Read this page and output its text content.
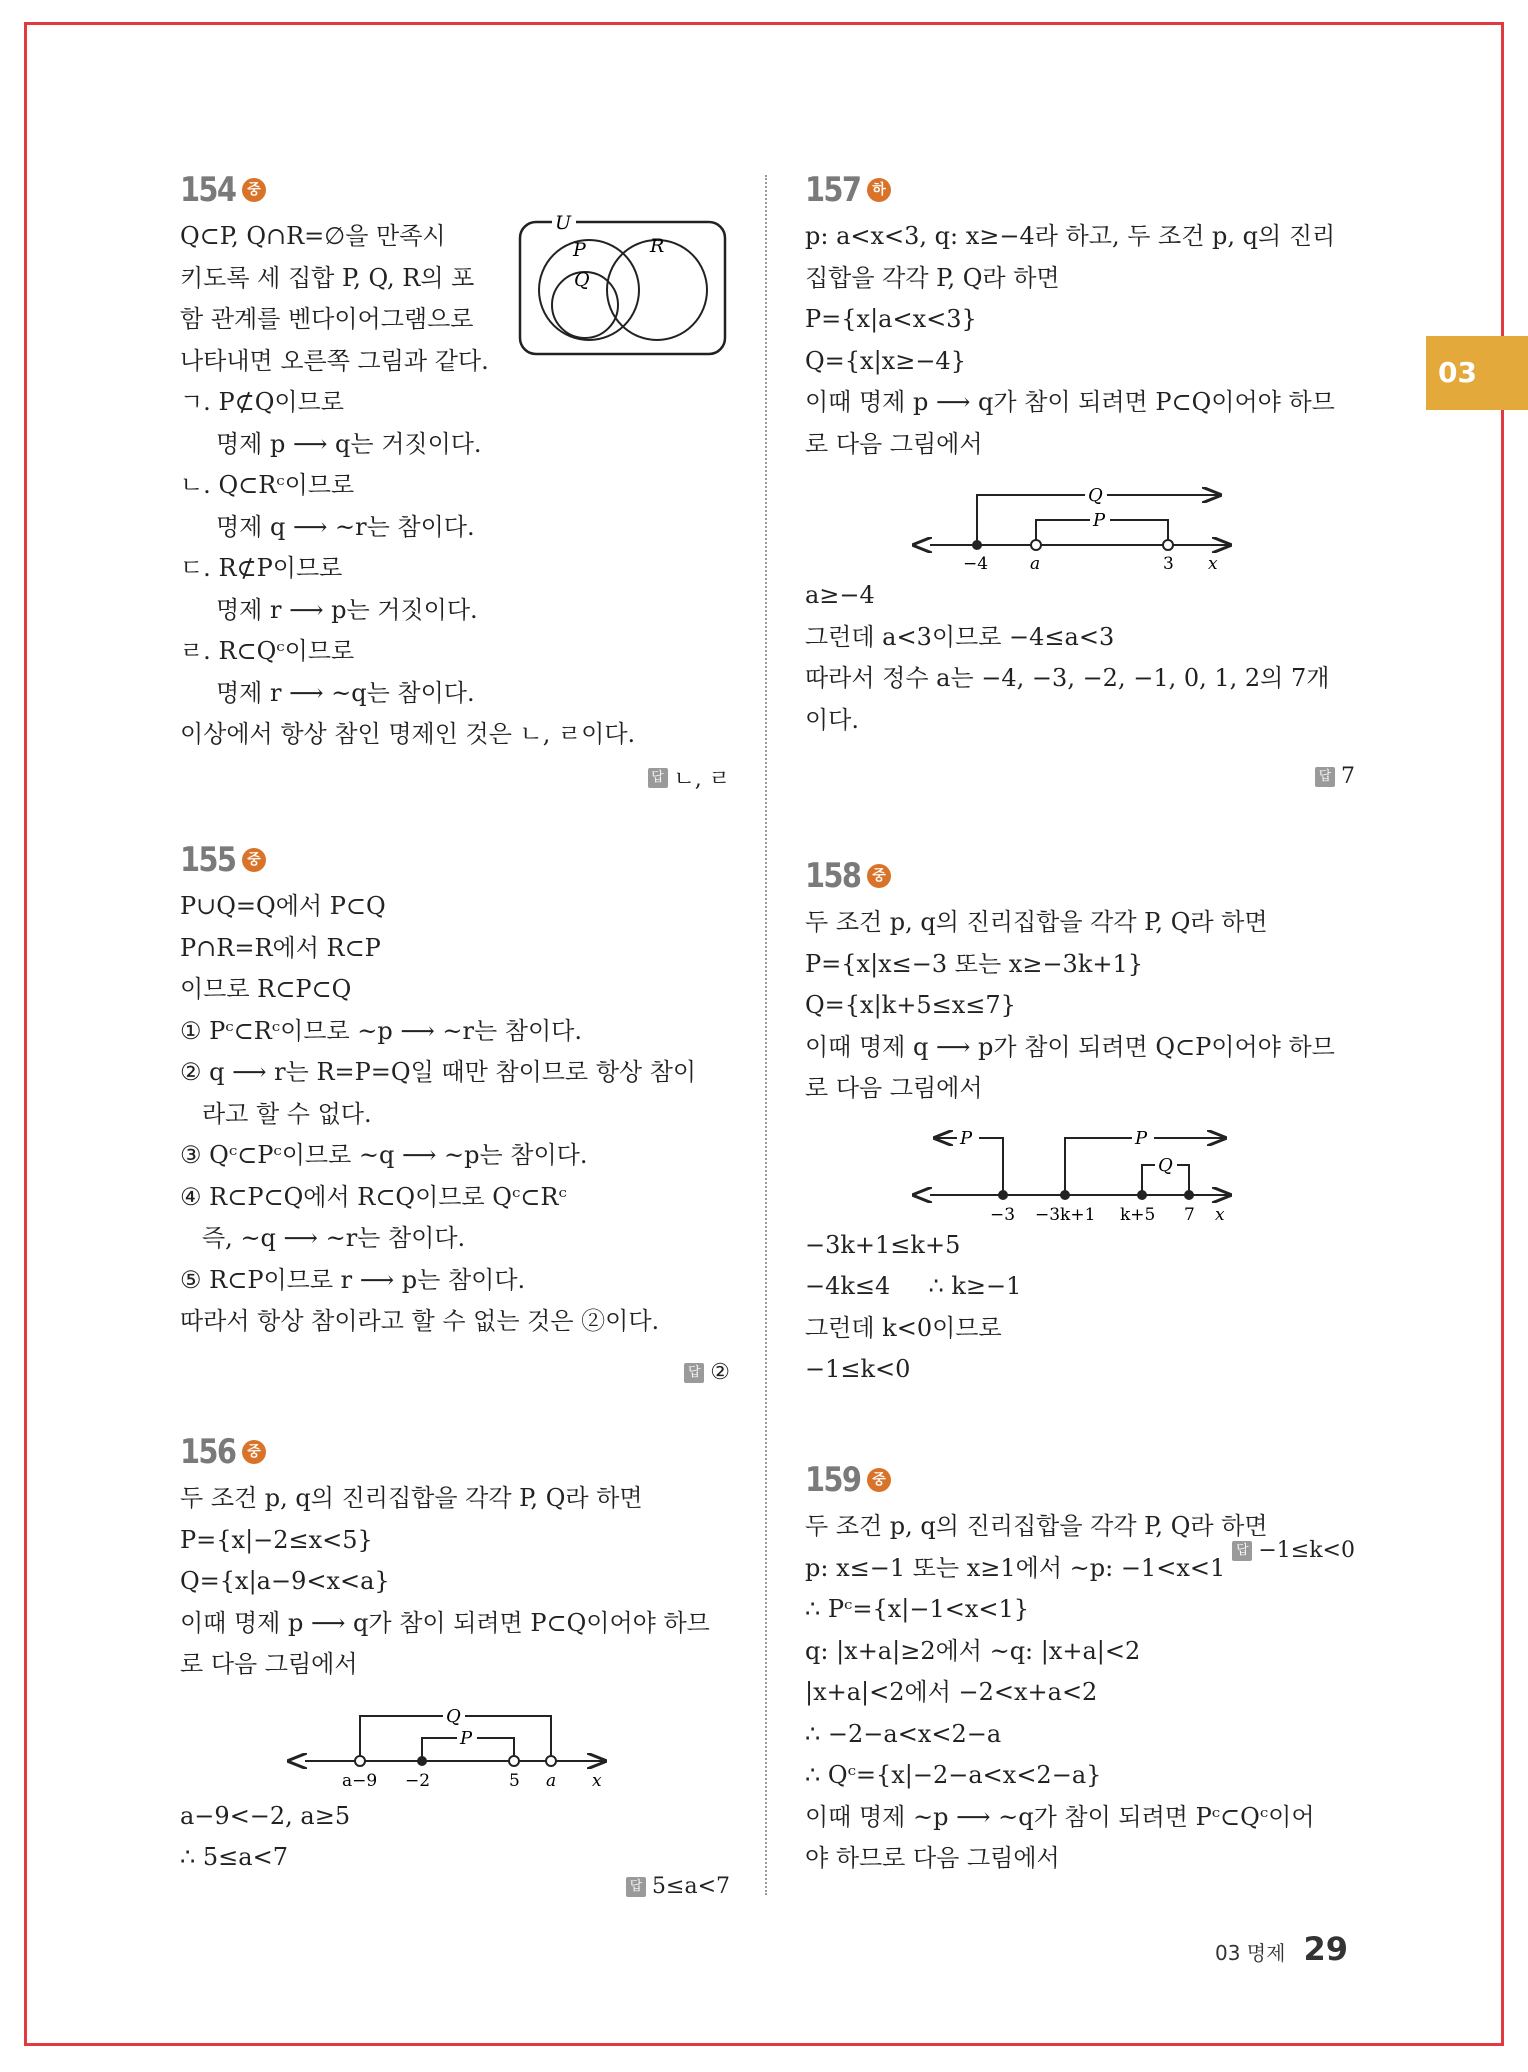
03
154 중
Q⊂P, Q∩R=∅을 만족시
키도록 세 집합 P, Q, R의 포
함 관계를 벤다이어그램으로
나타내면 오른쪽 그림과 같다.
U
P
Q
R
ㄱ. P⊄Q이므로
명제 p ⟶ q는 거짓이다.
ㄴ. Q⊂Rᶜ이므로
명제 q ⟶ ~r는 참이다.
ㄷ. R⊄P이므로
명제 r ⟶ p는 거짓이다.
ㄹ. R⊂Qᶜ이므로
명제 r ⟶ ~q는 참이다.
이상에서 항상 참인 명제인 것은 ㄴ, ㄹ이다.
답 ㄴ, ㄹ
155 중
P∪Q=Q에서 P⊂Q
P∩R=R에서 R⊂P
이므로 R⊂P⊂Q
① Pᶜ⊂Rᶜ이므로 ~p ⟶ ~r는 참이다.
② q ⟶ r는 R=P=Q일 때만 참이므로 항상 참이
라고 할 수 없다.
③ Qᶜ⊂Pᶜ이므로 ~q ⟶ ~p는 참이다.
④ R⊂P⊂Q에서 R⊂Q이므로 Qᶜ⊂Rᶜ
즉, ~q ⟶ ~r는 참이다.
⑤ R⊂P이므로 r ⟶ p는 참이다.
따라서 항상 참이라고 할 수 없는 것은 ②이다.
답 ②
156 중
두 조건 p, q의 진리집합을 각각 P, Q라 하면
P={x|−2≤x<5}
Q={x|a−9<x<a}
이때 명제 p ⟶ q가 참이 되려면 P⊂Q이어야 하므
로 다음 그림에서
Q
P
a−9 −2	5 a x
a−9<−2, a≥5
∴ 5≤a<7
답 5≤a<7
157 하
p: a<x<3, q: x≥−4라 하고, 두 조건 p, q의 진리
집합을 각각 P, Q라 하면
P={x|a<x<3}
Q={x|x≥−4}
이때 명제 p ⟶ q가 참이 되려면 P⊂Q이어야 하므
로 다음 그림에서
Q
P
−4 a	3 x
a≥−4
그런데 a<3이므로 −4≤a<3
따라서 정수 a는 −4, −3, −2, −1, 0, 1, 2의 7개
이다.
답 7
158 중
두 조건 p, q의 진리집합을 각각 P, Q라 하면
P={x|x≤−3 또는 x≥−3k+1}
Q={x|k+5≤x≤7}
이때 명제 q ⟶ p가 참이 되려면 Q⊂P이어야 하므
로 다음 그림에서
P	P
Q
−3 −3k+1 k+5 7 x
−3k+1≤k+5
−4k≤4     ∴ k≥−1
그런데 k<0이므로
−1≤k<0
답 −1≤k<0
159 중
두 조건 p, q의 진리집합을 각각 P, Q라 하면
p: x≤−1 또는 x≥1에서 ~p: −1<x<1
∴ Pᶜ={x|−1<x<1}
q: |x+a|≥2에서 ~q: |x+a|<2
|x+a|<2에서 −2<x+a<2
∴ −2−a<x<2−a
∴ Qᶜ={x|−2−a<x<2−a}
이때 명제 ~p ⟶ ~q가 참이 되려면 Pᶜ⊂Qᶜ이어
야 하므로 다음 그림에서
03 명제 29
